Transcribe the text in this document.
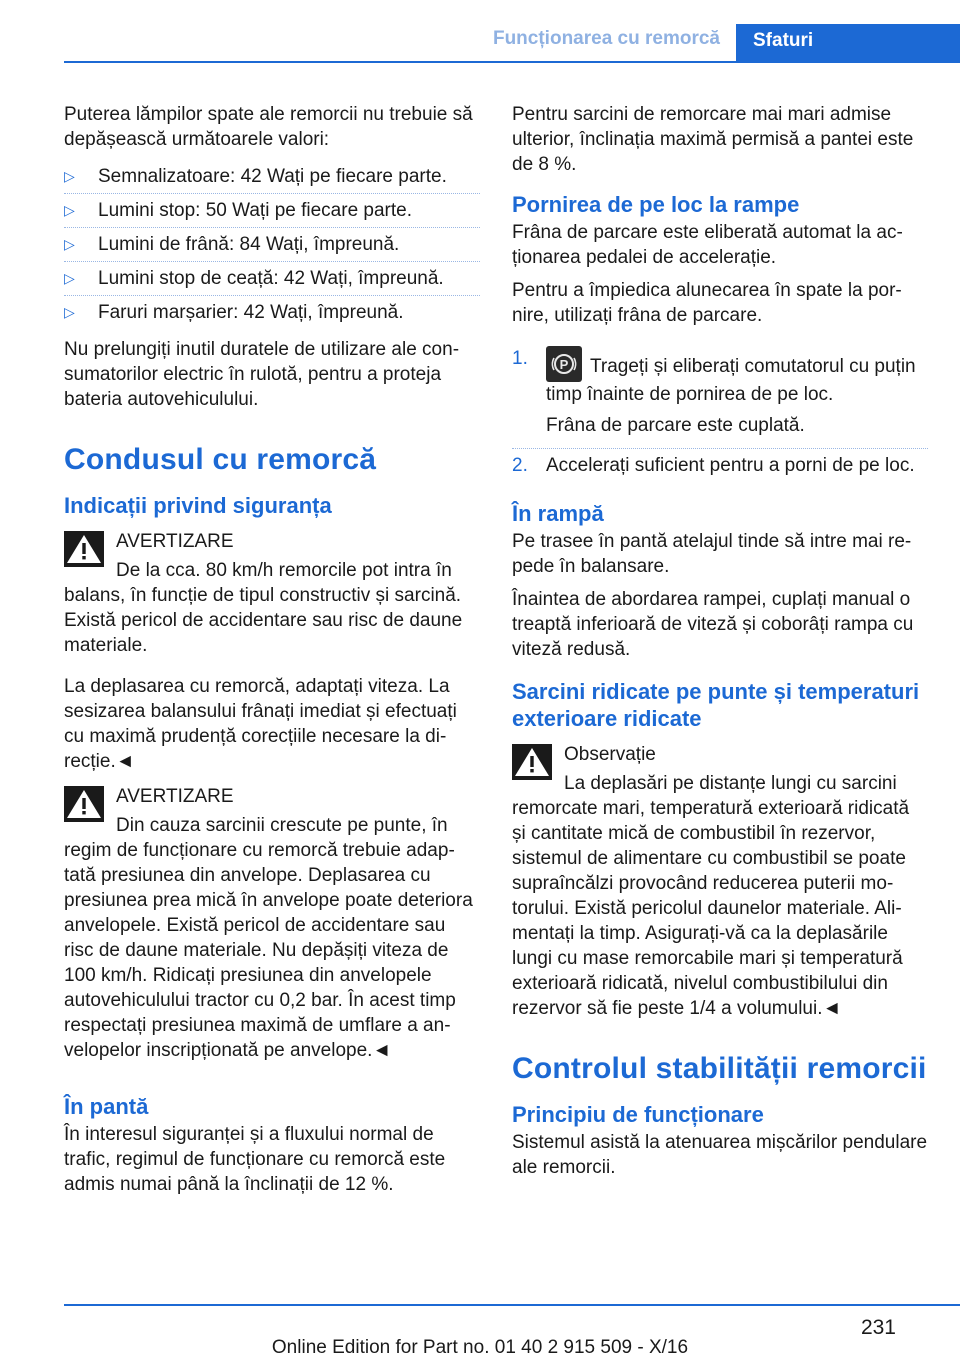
Funcționarea cu remorcă Sfaturi

Puterea lămpilor spate ale remorcii nu trebuie să depășească următoarele valori:

▷ Semnalizatoare: 42 Wați pe fiecare parte.
▷ Lumini stop: 50 Wați pe fiecare parte.
▷ Lumini de frână: 84 Wați, împreună.
▷ Lumini stop de ceață: 42 Wați, împreună.
▷ Faruri marșarier: 42 Wați, împreună.

Nu prelungiți inutil duratele de utilizare ale consumatorilor electric în rulotă, pentru a proteja bateria autovehiculului.

Condusul cu remorcă
Indicații privind siguranța
AVERTIZARE

De la cca. 80 km/h remorcile pot intra în balans, în funcție de tipul constructiv și sarcină. Există pericol de accidentare sau risc de daune materiale.

La deplasarea cu remorcă, adaptați viteza. La sesizarea balansului frânați imediat și efectuați cu maximă prudență corecțiile necesare la direcție.◄

AVERTIZARE

Din cauza sarcinii crescute pe punte, în regim de funcționare cu remorcă trebuie adaptată presiunea din anvelope. Deplasarea cu presiunea prea mică în anvelope poate deteriora anvelopele. Există pericol de accidentare sau risc de daune materiale. Nu depășiți viteza de 100 km/h. Ridicați presiunea din anvelopele autovehiculului tractor cu 0,2 bar. În acest timp respectați presiunea maximă de umflare a anvelopelor inscripționată pe anvelope.◄

În pantă

În interesul siguranței și a fluxului normal de trafic, regimul de funcționare cu remorcă este admis numai până la înclinații de 12 %.

Pentru sarcini de remorcare mai mari admise ulterior, înclinația maximă permisă a pantei este de 8 %.

Pornirea de pe loc la rampe

Frâna de parcare este eliberată automat la acționarea pedalei de accelerație.

Pentru a împiedica alunecarea în spate la pornire, utilizați frâna de parcare.

1. P Trageți și eliberați comutatorul cu puțin timp înainte de pornirea de pe loc.

Frâna de parcare este cuplată.

2. Accelerați suficient pentru a porni de pe loc.

În rampă

Pe trasee în pantă atelajul tinde să intre mai repede în balansare.

Înaintea de abordarea rampei, cuplați manual o treaptă inferioară de viteză și coborâți rampa cu viteză redusă.

Sarcini ridicate pe punte și temperaturi exterioare ridicate
Observație

La deplasări pe distanțe lungi cu sarcini remorcate mari, temperatură exterioară ridicată și cantitate mică de combustibil în rezervor, sistemul de alimentare cu combustibil se poate supraîncălzi provocând reducerea puterii motorului. Există pericolul daunelor materiale. Alimentați la timp. Asigurați-vă ca la deplasările lungi cu mase remorcabile mari și temperatură exterioară ridicată, nivelul combustibilului din rezervor să fie peste 1/4 a volumului.◄

Controlul stabilității remorcii
Principiu de funcționare

Sistemul asistă la atenuarea mișcărilor pendulare ale remorcii.

231
Online Edition for Part no. 01 40 2 915 509 - X/16
